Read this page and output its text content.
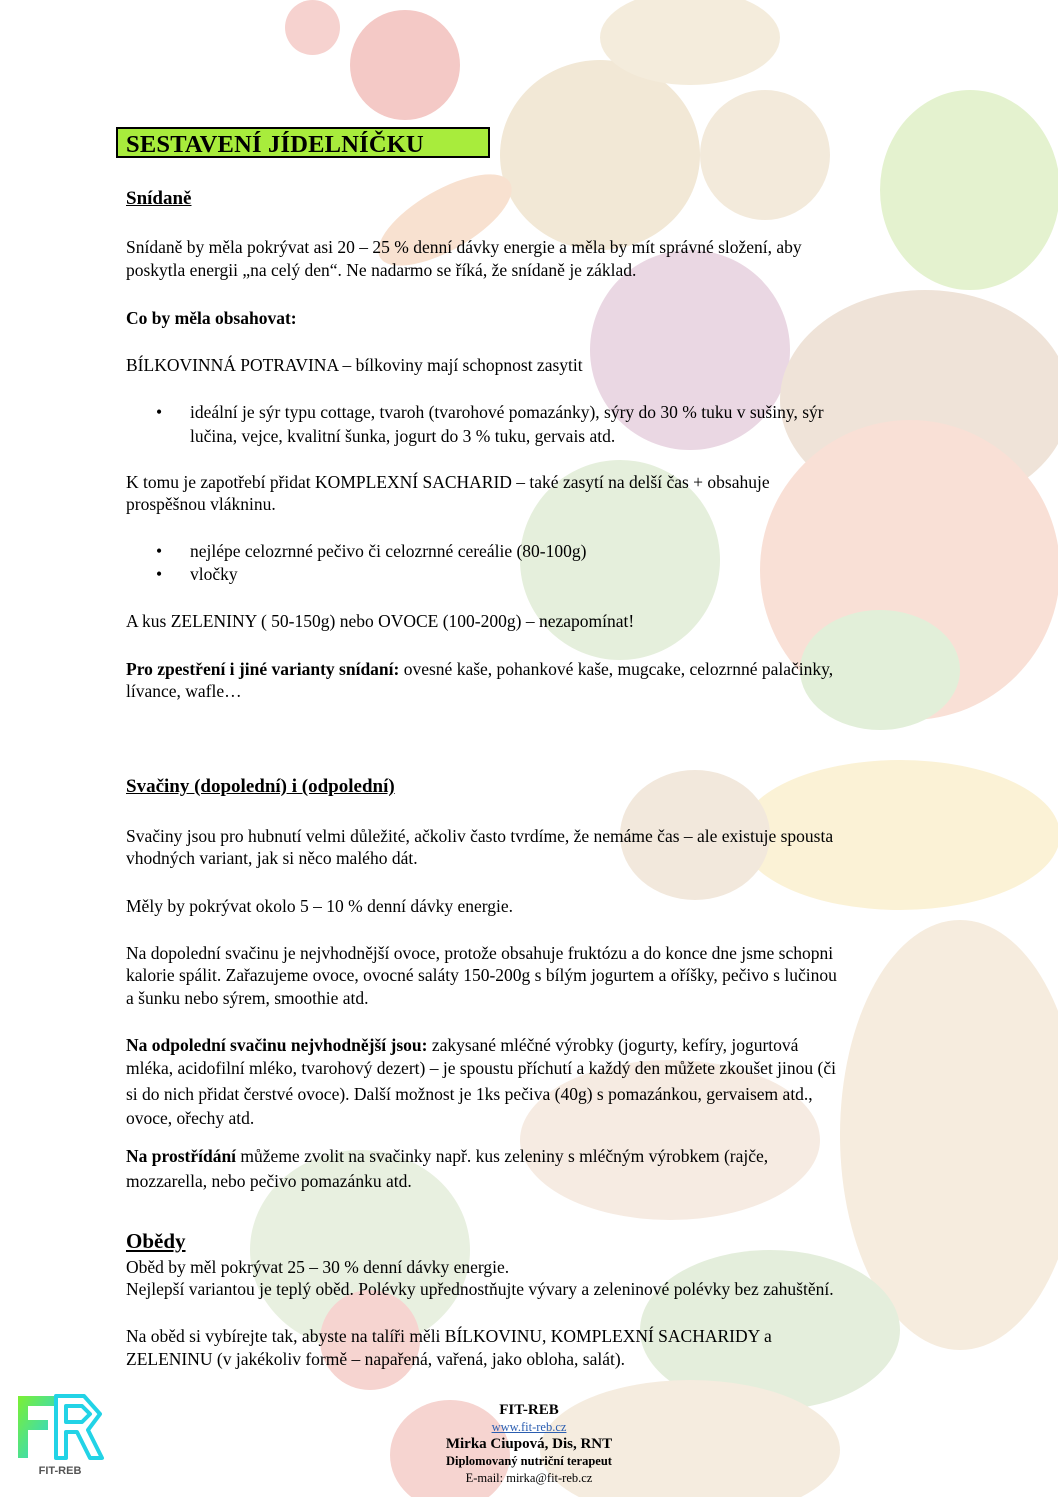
SESTAVENÍ JÍDELNÍČKU
Snídaně
Snídaně by měla pokrývat asi 20 – 25 % denní dávky energie a měla by mít správné složení, aby
poskytla energii „na celý den“. Ne nadarmo se říká, že snídaně je základ.
Co by měla obsahovat:
BÍLKOVINNÁ POTRAVINA – bílkoviny mají schopnost zasytit
• ideální je sýr typu cottage, tvaroh (tvarohové pomazánky), sýry do 30 % tuku v sušiny, sýr
lučina, vejce, kvalitní šunka, jogurt do 3 % tuku, gervais atd.
K tomu je zapotřebí přidat KOMPLEXNÍ SACHARID – také zasytí na delší čas + obsahuje
prospěšnou vlákninu.
• nejlépe celozrnné pečivo či celozrnné cereálie (80-100g)
• vločky
A kus ZELENINY ( 50-150g) nebo OVOCE (100-200g) – nezapomínat!
Pro zpestření i jiné varianty snídaní: ovesné kaše, pohankové kaše, mugcake, celozrnné palačinky,
lívance, wafle…
Svačiny (dopolední) i (odpolední)
Svačiny jsou pro hubnutí velmi důležité, ačkoliv často tvrdíme, že nemáme čas – ale existuje spousta
vhodných variant, jak si něco malého dát.
Měly by pokrývat okolo 5 – 10 % denní dávky energie.
Na dopolední svačinu je nejvhodnější ovoce, protože obsahuje fruktózu a do konce dne jsme schopni
kalorie spálit. Zařazujeme ovoce, ovocné saláty 150-200g s bílým jogurtem a oříšky, pečivo s lučinou
a šunku nebo sýrem, smoothie atd.
Na odpolední svačinu nejvhodnější jsou: zakysané mléčné výrobky (jogurty, kefíry, jogurtová
mléka, acidofilní mléko, tvarohový dezert) – je spoustu příchutí a každý den můžete zkoušet jinou (či
si do nich přidat čerstvé ovoce). Další možnost je 1ks pečiva (40g) s pomazánkou, gervaisem atd.,
ovoce, ořechy atd.
Na prostřídání můžeme zvolit na svačinky např. kus zeleniny s mléčným výrobkem (rajče,
mozzarella, nebo pečivo pomazánku atd.
Obědy
Oběd by měl pokrývat 25 – 30 % denní dávky energie.
Nejlepší variantou je teplý oběd. Polévky upřednostňujte vývary a zeleninové polévky bez zahuštění.
Na oběd si vybírejte tak, abyste na talíři měli BÍLKOVINU, KOMPLEXNÍ SACHARIDY a
ZELENINU (v jakékoliv formě – napařená, vařená, jako obloha, salát).
FIT-REB
FIT-REB
www.fit-reb.cz
Mirka Ciupová, Dis, RNT
Diplomovaný nutriční terapeut
E-mail: mirka@fit-reb.cz
